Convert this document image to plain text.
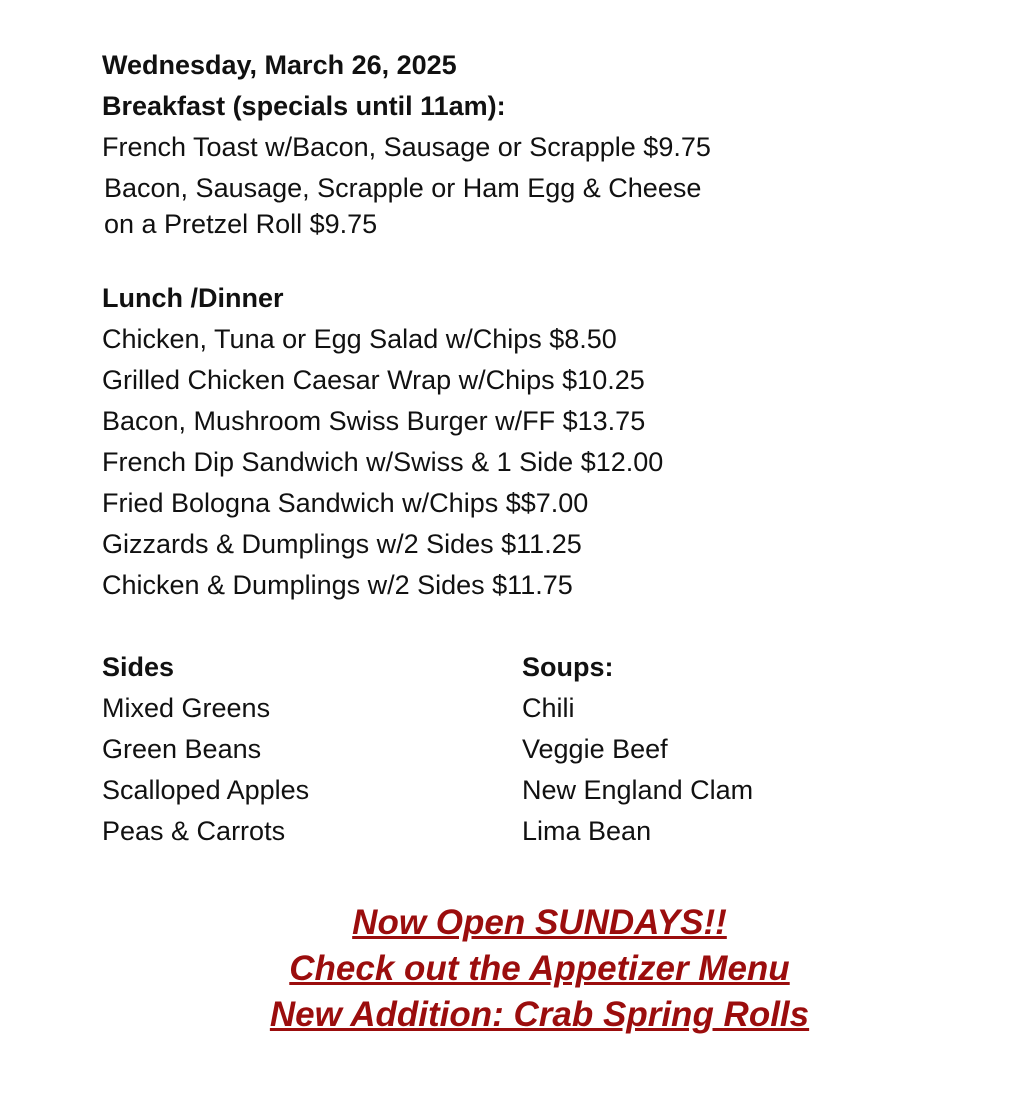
Wednesday, March 26, 2025
Breakfast (specials until 11am):
French Toast w/Bacon, Sausage or Scrapple $9.75
Bacon, Sausage, Scrapple or Ham Egg & Cheese
on a Pretzel Roll $9.75
Lunch /Dinner
Chicken, Tuna or Egg Salad w/Chips $8.50
Grilled Chicken Caesar Wrap w/Chips $10.25
Bacon, Mushroom Swiss Burger w/FF $13.75
French Dip Sandwich w/Swiss & 1 Side $12.00
Fried Bologna Sandwich w/Chips $$7.00
Gizzards & Dumplings w/2 Sides $11.25
Chicken & Dumplings w/2 Sides $11.75
Sides
Mixed Greens
Green Beans
Scalloped Apples
Peas & Carrots
Soups:
Chili
Veggie Beef
New England Clam
Lima Bean
Now Open SUNDAYS!!
Check out the Appetizer Menu
New Addition: Crab Spring Rolls
